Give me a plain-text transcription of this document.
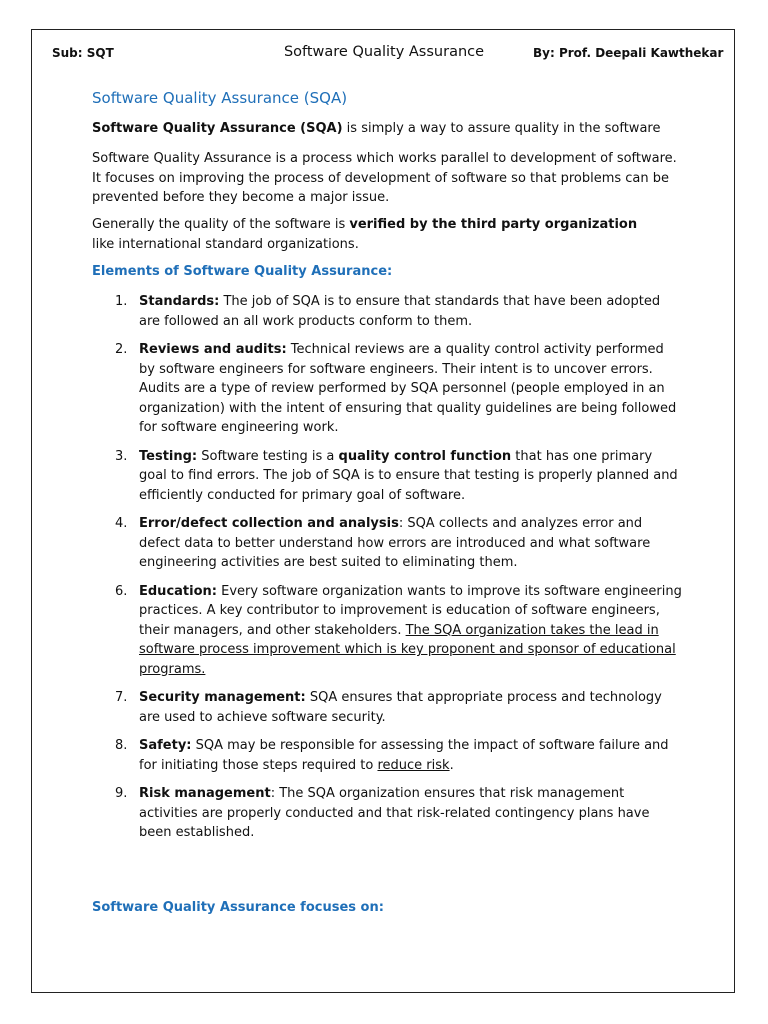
Sub: SQT	Software Quality Assurance	By: Prof. Deepali Kawthekar
Software Quality Assurance (SQA)
Software Quality Assurance (SQA) is simply a way to assure quality in the software
Software Quality Assurance is a process which works parallel to development of software. It focuses on improving the process of development of software so that problems can be prevented before they become a major issue.
Generally the quality of the software is verified by the third party organization
like international standard organizations.
Elements of Software Quality Assurance:
1. Standards: The job of SQA is to ensure that standards that have been adopted are followed an all work products conform to them.
2. Reviews and audits: Technical reviews are a quality control activity performed by software engineers for software engineers. Their intent is to uncover errors. Audits are a type of review performed by SQA personnel (people employed in an organization) with the intent of ensuring that quality guidelines are being followed for software engineering work.
3. Testing: Software testing is a quality control function that has one primary goal to find errors. The job of SQA is to ensure that testing is properly planned and efficiently conducted for primary goal of software.
4. Error/defect collection and analysis: SQA collects and analyzes error and defect data to better understand how errors are introduced and what software engineering activities are best suited to eliminating them.
6. Education: Every software organization wants to improve its software engineering practices. A key contributor to improvement is education of software engineers, their managers, and other stakeholders. The SQA organization takes the lead in software process improvement which is key proponent and sponsor of educational programs.
7. Security management: SQA ensures that appropriate process and technology are used to achieve software security.
8. Safety: SQA may be responsible for assessing the impact of software failure and for initiating those steps required to reduce risk.
9. Risk management: The SQA organization ensures that risk management activities are properly conducted and that risk-related contingency plans have been established.
Software Quality Assurance focuses on:
